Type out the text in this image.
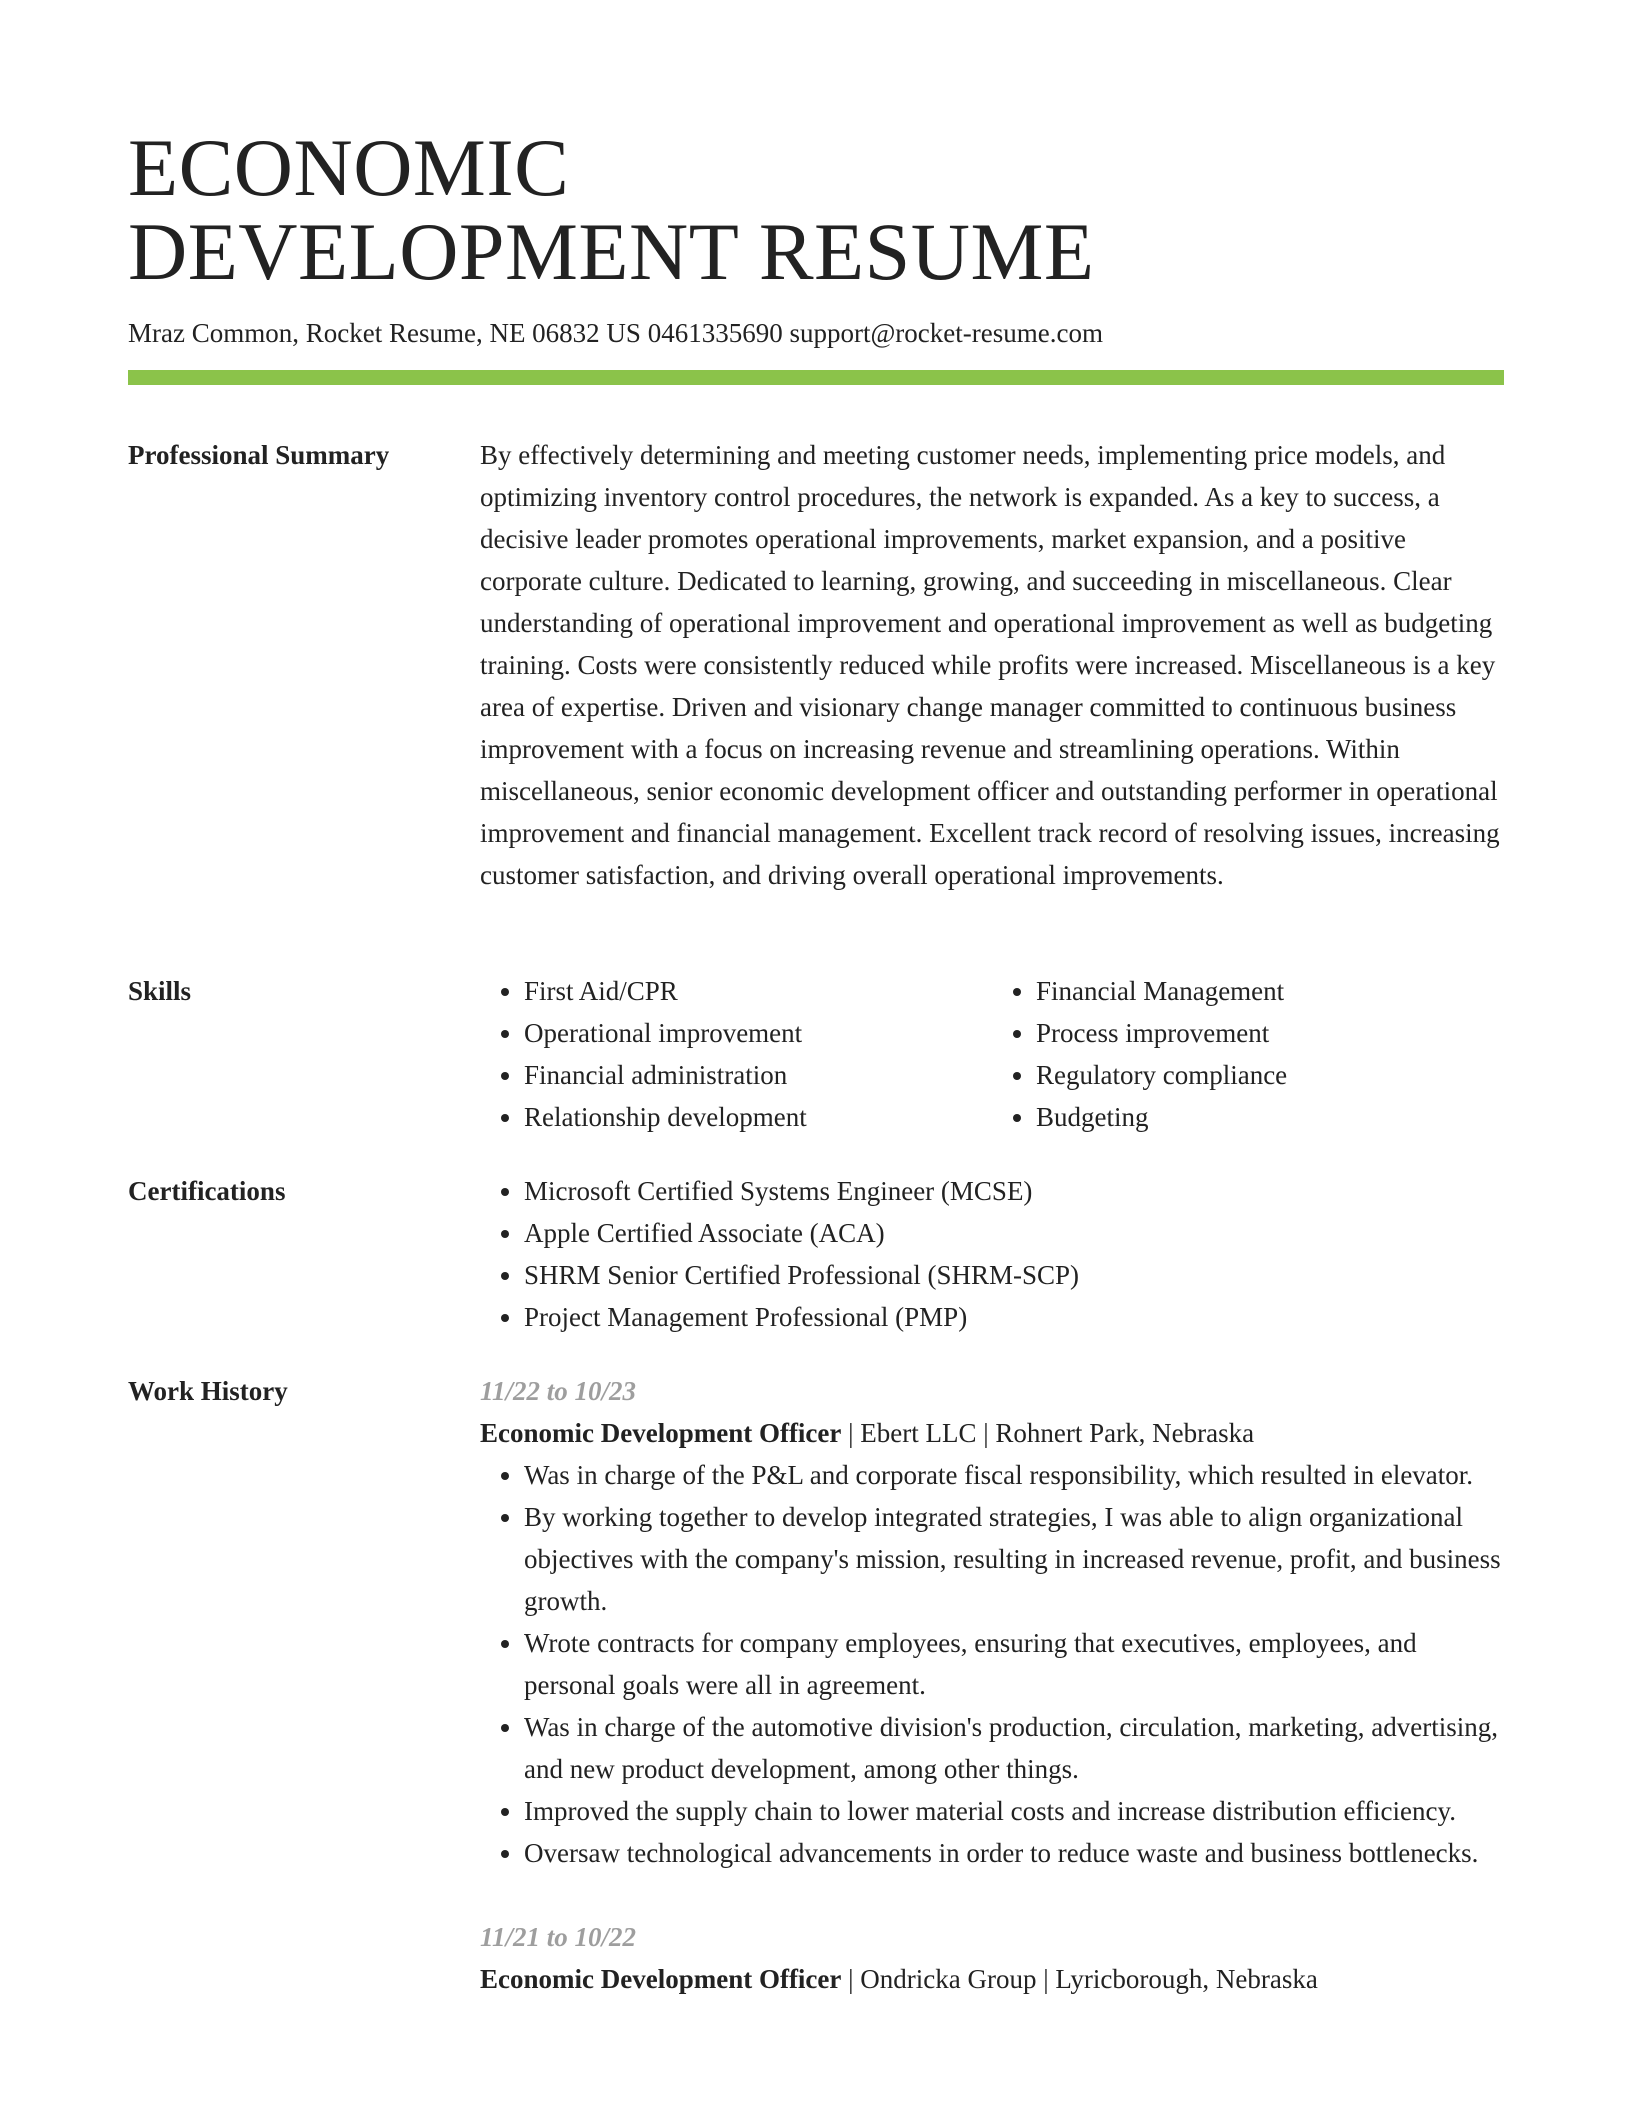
ECONOMIC
DEVELOPMENT RESUME
Mraz Common, Rocket Resume, NE 06832 US 0461335690 support@rocket-resume.com
Professional Summary	By effectively determining and meeting customer needs, implementing price models, and optimizing inventory control procedures, the network is expanded. As a key to success, a decisive leader promotes operational improvements, market expansion, and a positive corporate culture. Dedicated to learning, growing, and succeeding in miscellaneous. Clear understanding of operational improvement and operational improvement as well as budgeting training. Costs were consistently reduced while profits were increased. Miscellaneous is a key area of expertise. Driven and visionary change manager committed to continuous business improvement with a focus on increasing revenue and streamlining operations. Within miscellaneous, senior economic development officer and outstanding performer in operational improvement and financial management. Excellent track record of resolving issues, increasing customer satisfaction, and driving overall operational improvements.

Skills	• First Aid/CPR
• Operational improvement
• Financial administration
• Relationship development
• Financial Management
• Process improvement
• Regulatory compliance
• Budgeting
Certifications	• Microsoft Certified Systems Engineer (MCSE)
• Apple Certified Associate (ACA)
• SHRM Senior Certified Professional (SHRM-SCP)
• Project Management Professional (PMP)
Work History	11/22 to 10/23
Economic Development Officer | Ebert LLC | Rohnert Park, Nebraska
• Was in charge of the P&L and corporate fiscal responsibility, which resulted in elevator.
• By working together to develop integrated strategies, I was able to align organizational objectives with the company's mission, resulting in increased revenue, profit, and business growth.
• Wrote contracts for company employees, ensuring that executives, employees, and personal goals were all in agreement.
• Was in charge of the automotive division's production, circulation, marketing, advertising, and new product development, among other things.
• Improved the supply chain to lower material costs and increase distribution efficiency.
• Oversaw technological advancements in order to reduce waste and business bottlenecks.
11/21 to 10/22
Economic Development Officer | Ondricka Group | Lyricborough, Nebraska
